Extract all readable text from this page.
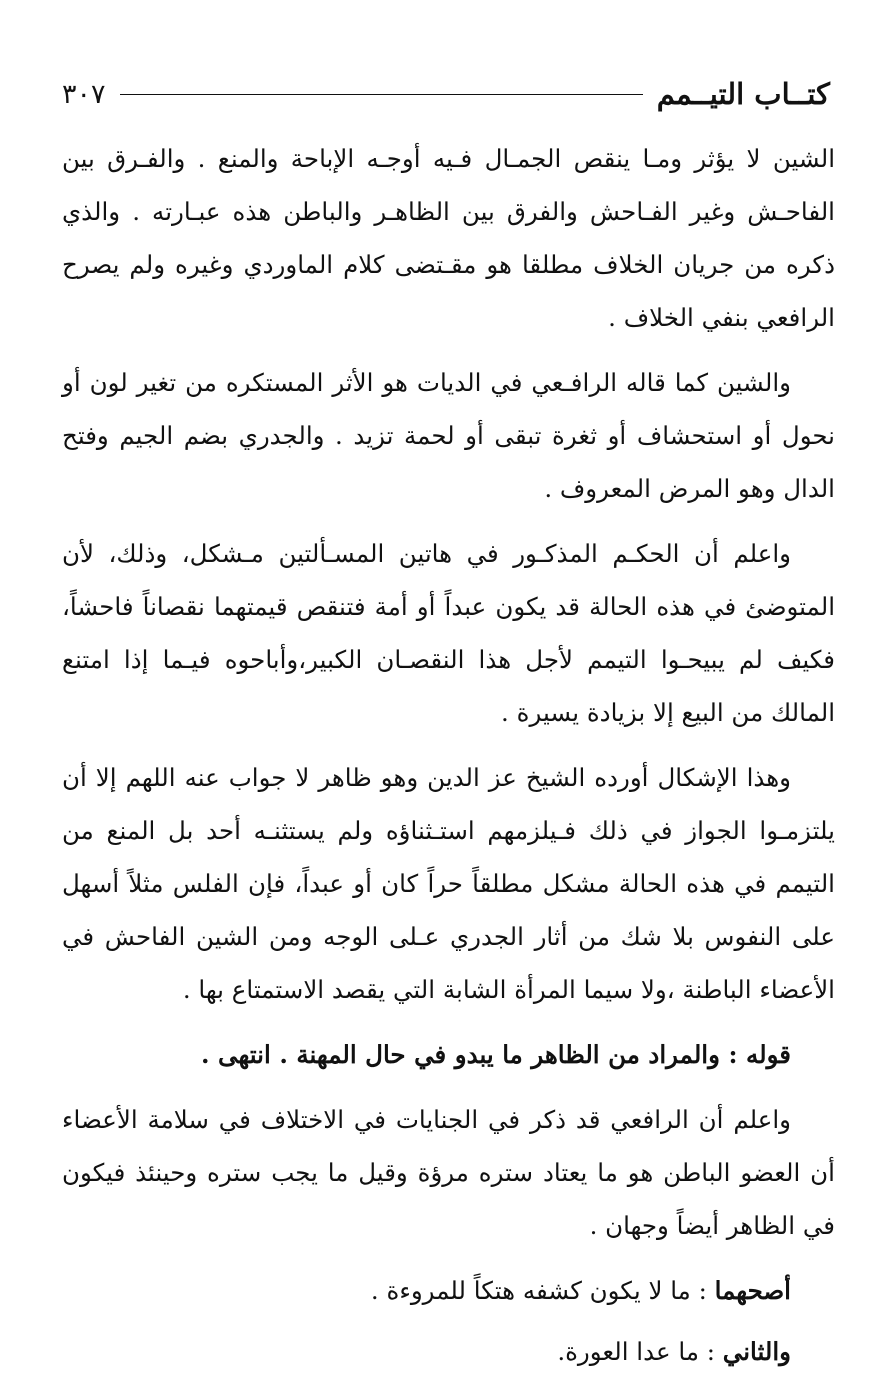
كتــاب التيــمم
٣٠٧

الشين لا يؤثر ومـا ينقص الجمـال فـيه أوجـه الإباحة والمنع . والفـرق بين الفاحـش وغير الفـاحش والفرق بين الظاهـر والباطن هذه عبـارته . والذي ذكره من جريان الخلاف مطلقا هو مقـتضى كلام الماوردي وغيره ولم يصرح الرافعي بنفي الخلاف .

والشين كما قاله الرافـعي في الديات هو الأثر المستكره من تغير لون أو نحول أو استحشاف أو ثغرة تبقى أو لحمة تزيد . والجدري بضم الجيم وفتح الدال وهو المرض المعروف .

واعلم أن الحكـم المذكـور في هاتين المسـألتين مـشكل، وذلك، لأن المتوضئ في هذه الحالة قد يكون عبداً أو أمة فتنقص قيمتهما نقصاناً فاحشاً، فكيف لم يبيحـوا التيمم لأجل هذا النقصـان الكبير،وأباحوه فيـما إذا امتنع المالك من البيع إلا بزيادة يسيرة .

وهذا الإشكال أورده الشيخ عز الدين وهو ظاهر لا جواب عنه اللهم إلا أن يلتزمـوا الجواز في ذلك فـيلزمهم استـثناؤه ولم يستثنـه أحد بل المنع من التيمم في هذه الحالة مشكل مطلقاً حراً كان أو عبداً، فإن الفلس مثلاً أسهل على النفوس بلا شك من أثار الجدري عـلى الوجه ومن الشين الفاحش في الأعضاء الباطنة ،ولا سيما المرأة الشابة التي يقصد الاستمتاع بها .

قوله : والمراد من الظاهر ما يبدو في حال المهنة . انتهى .

واعلم أن الرافعي قد ذكر في الجنايات في الاختلاف في سلامة الأعضاء أن العضو الباطن هو ما يعتاد ستره مرؤة وقيل ما يجب ستره وحينئذ فيكون في الظاهر أيضاً وجهان .

أصحهما : ما لا يكون كشفه هتكاً للمروءة .

والثاني : ما عدا العورة.
